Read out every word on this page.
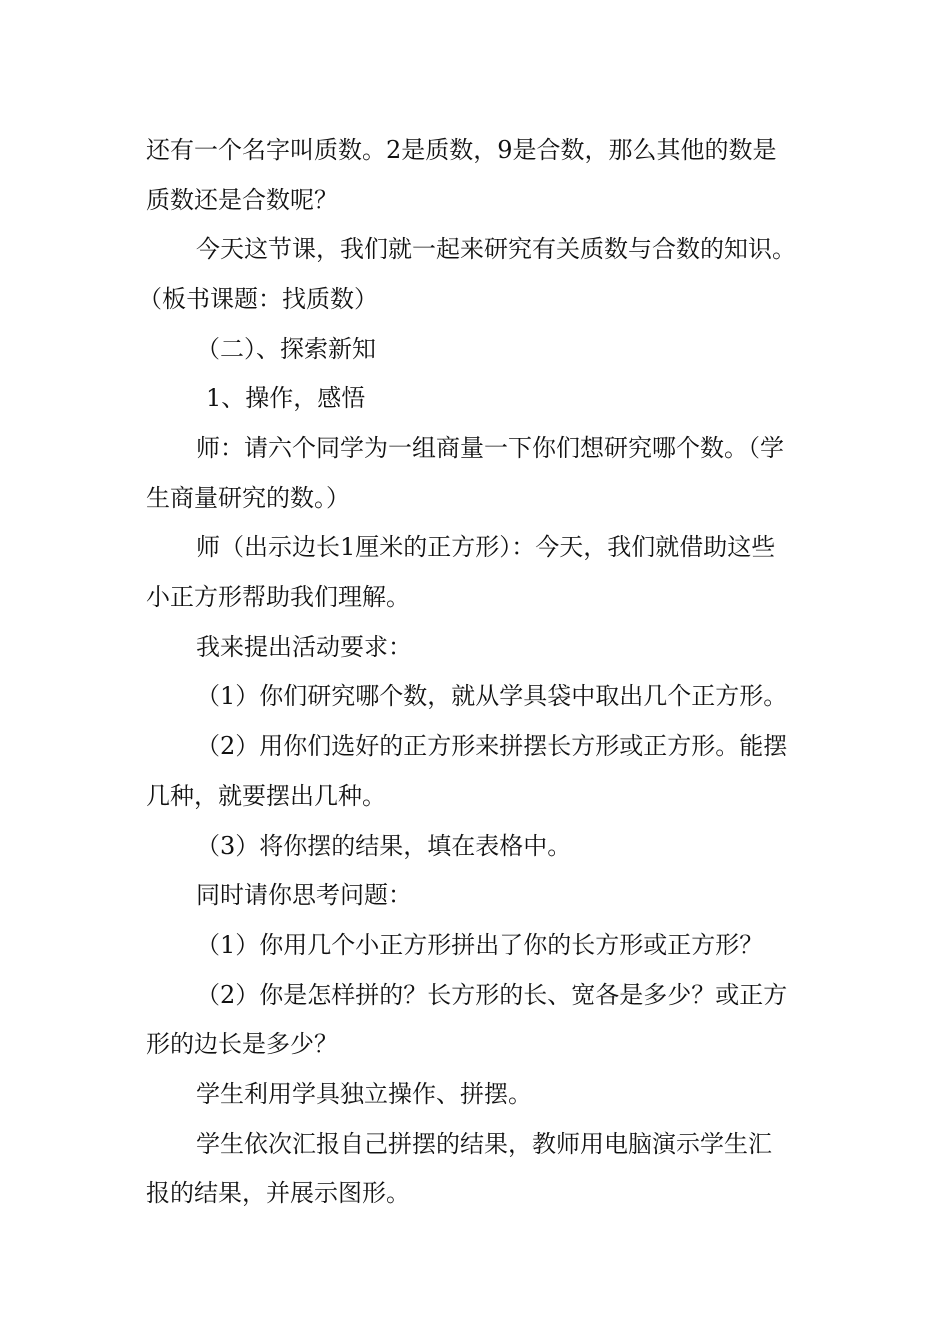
还有一个名字叫质数。2是质数，9是合数，那么其他的数是
质数还是合数呢？
今天这节课，我们就一起来研究有关质数与合数的知识。
（板书课题：找质数）
（二）、探索新知
1、操作，感悟
师：请六个同学为一组商量一下你们想研究哪个数。（学
生商量研究的数。）
师（出示边长1厘米的正方形）：今天，我们就借助这些
小正方形帮助我们理解。
我来提出活动要求：
（1）你们研究哪个数，就从学具袋中取出几个正方形。
（2）用你们选好的正方形来拼摆长方形或正方形。能摆
几种，就要摆出几种。
（3）将你摆的结果，填在表格中。
同时请你思考问题：
（1）你用几个小正方形拼出了你的长方形或正方形？
（2）你是怎样拼的？长方形的长、宽各是多少？或正方
形的边长是多少？
学生利用学具独立操作、拼摆。
学生依次汇报自己拼摆的结果，教师用电脑演示学生汇
报的结果，并展示图形。
